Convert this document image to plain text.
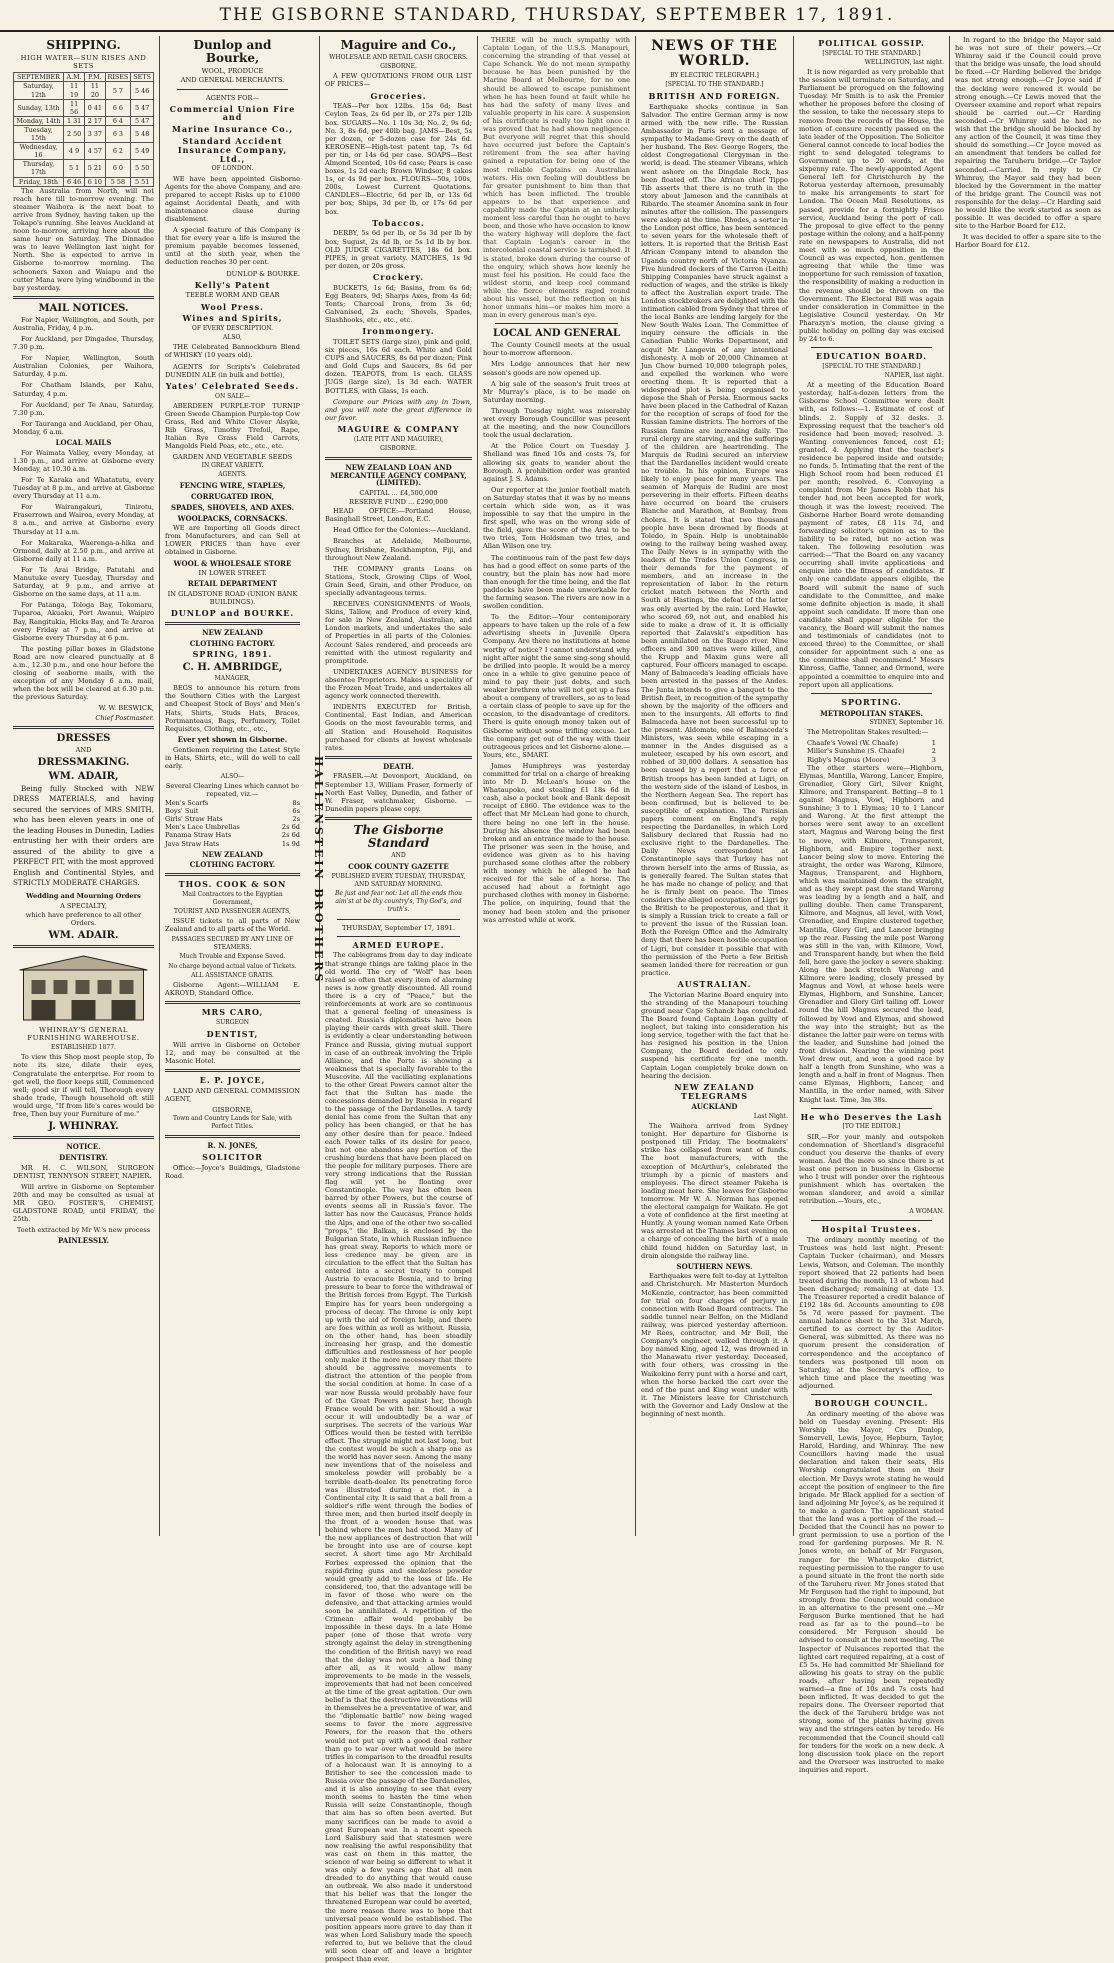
THE GISBORNE STANDARD, THURSDAY, SEPTEMBER 17, 1891.
SHIPPING.
HIGH WATER—SUN RISES AND SETS
SEPTEMBER	A.M.	P.M.	RISES	SETS
Saturday, 12th	11 19	11 20	5 7	5 46
Sunday, 13th	11 56	0 41	6 6	5 47
Monday, 14th	1 31	2 17	6 4	5 47
Tuesday, 15th	2 50	3 37	6 3	5 48
Wednesday, 16	4 9	4 57	6 2	5 49
Thursday, 17th	5 1	5 21	6 0	5 50
Friday, 18th	6 46	6 10	5 58	5 51

The Australia from North, will not reach here till to-morrow evening. The steamer Waihora is the next boat to arrive from Sydney, having taken up the Tokapo's running. She leaves Auckland at noon to-morrow, arriving here about the same hour on Saturday. The Dinnadee was to leave Wellington last night for North. She is expected to arrive in Gisborne to-morrow morning. The schooners Saxon and Waiapu and the cutter Mana were lying windbound in the bay yesterday.

MAIL NOTICES.

For Napier, Wellington, and South, per Australia, Friday, 4 p.m.

For Auckland, per Dingadee, Thursday, 7.30 p.m.

For Napier, Wellington, South Australian Colonies, per Waihora, Saturday, 4 p.m.

For Chatham Islands, per Kahu, Saturday, 4 p.m.

For Auckland, per Te Anau, Saturday, 7.30 p.m.

For Tauranga and Auckland, per Ohau, Monday, 6 a.m.

LOCAL MAILS

For Waimata Valley, every Monday, at 1.30 p.m., and arrive at Gisborne every Monday, at 10.30 a.m.

For Te Karaka and Whatatutu, every Tuesday at 8 p.m., and arrive at Gisborne every Thursday at 11 a.m.

For Wairangakuri, Tinirotu, Fraserrown and Wairoa, every Monday, at 8 a.m., and arrive at Gisborne every Thursday at 11 a.m.

For Makaraka, Waerenga-a-hika and Ormond, daily at 2.50 p.m., and arrive at Gisborne daily at 11 a.m.

For Te Arai Bridge, Patutahi and Manutuke every Tuesday, Thursday and Saturday, at 9 p.m., and arrive at Gisborne on the same days, at 11 a.m.

For Patanga, Tologa Bay, Tokomaru, Tuparoa, Akuaku, Port Awanui, Waipiro Bay, Rangitukia, Hicks Bay, and Te Araroa every Friday at 7 p.m., and arrive at Gisborne every Thursday at 6 p.m.

The posting pillar boxes in Gladstone Road are now cleared punctually at 8 a.m., 12.30 p.m., and one hour before the closing of seaborne mails, with the exception of any Monday 6 a.m. mail, when the box will be cleared at 6.30 p.m. the previous Saturday.

W. W. BESWICK,
Chief Postmaster.
DRESSES
AND
DRESSMAKING.
WM. ADAIR,

Being fully Stocked with NEW DRESS MATERIALS, and having secured the services of MRS SMITH, who has been eleven years in one of the leading Houses in Dunedin, Ladies entrusting her with their orders are assured of the ability to give a PERFECT FIT, with the most approved English and Continental Styles, and STRICTLY MODERATE CHARGES.

Wedding and Mourning Orders
A SPECIALTY,
which have preference to all other Orders.
WM. ADAIR.
WHINRAY'S GENERAL FURNISHING WAREHOUSE.
ESTABLISHED 1877.

To view this Shop most people stop, To note its size, dilate their eyes, Congratulate the enterprise. For room to get well, the floor keeps still, Commenced well; good sir if will tell, Thorough every shade trade, Though household oft still would urge, "If from life's cares would be free, Then buy your Furniture of me."

J. WHINRAY.
NOTICE.
DENTISTRY.

MR H. C. WILSON, SURGEON DENTIST, TENNYSON STREET, NAPIER.

Will arrive in Gisborne on September 20th and may be consulted as usual at MR GEO. FOSTER'S, CHEMIST, GLADSTONE ROAD, until FRIDAY, the 25th.

Teeth extracted by Mr W.'s new process
PAINLESSLY.
Dunlop and Bourke,
WOOL, PRODUCE
AND GENERAL MERCHANTS.
AGENTS FOR—
Commercial Union Fire and
Marine Insurance Co.,
Standard Accident Insurance Company, Ltd.,
OF LONDON.

WE have been appointed Gisborne Agents for the above Company, and are prepared to accept Risks up to £1000 against Accidental Death, and with maintenance clause during disablement.

A special feature of this Company is that for every year a life is insured the premium payable becomes lessened, until at the sixth year, when the deduction reaches 30 per cent.

DUNLOP & BOURKE.
Kelly's Patent
TEEBLE WORM AND GEAR
Wool Press.
Wines and Spirits,
OF EVERY DESCRIPTION.
ALSO,

THE Celebrated Bannockburn Blend of WHISKY (10 years old).

AGENTS for Scripts's Celebrated DUNEDIN ALE (in bulk and bottle),

Yates' Celebrated Seeds.
ON SALE—

ABERDEEN PURPLE-TOP TURNIP Green Swede Champion Purple-top Cow Grass, Red and White Clover Alsyke, Rib Grass, Timothy Trefoil, Rape, Italian Rye Grass Field Carrots, Mangolds Field Peas, etc., etc., etc.

GARDEN AND VEGETABLE SEEDS
IN GREAT VARIETY.
AGENTS.
FENCING WIRE, STAPLES,
CORRUGATED IRON,
SPADES, SHOVELS, AND AXES.
WOOLPACKS, CORNSACKS.

WE are Importing all Goods direct from Manufacturers, and can Sell at LOWER PRICES than have ever obtained in Gisborne.

WOOL & WHOLESALE STORE
IN LOWER STREET.
RETAIL DEPARTMENT
IN GLADSTONE ROAD (UNION BANK BUILDINGS).
DUNLOP and BOURKE.
NEW ZEALAND
CLOTHING FACTORY.
SPRING, 1891.
C. H. AMBRIDGE,
MANAGER,

BEGS to announce his return from the Southern Cities with the Largest and Cheapest Stock of Boys' and Men's Hats, Shirts, Studs Hats, Braces, Portmanteaus, Bags, Perfumery, Toilet Requisites, Clothing, etc., etc.,

Ever yet shown in Gisborne.

Gentlemen requiring the Latest Style in Hats, Shirts, etc., will do well to call early.

ALSO—
Several Clearing Lines which cannot be repeated, viz.—
Men's Scarfs	8s
Boys' Suit	6s
Girls' Straw Hats	2s
Men's Lace Umbrellas	2s 6d
Panama Straw Hats	2s 6d
Java Straw Hats	1s 9d
NEW ZEALAND
CLOTHING FACTORY.
THOS. COOK & SON
Mail Contractors to the Egyptian Government,
TOURIST AND PASSENGER AGENTS,

ISSUE tickets to all parts of New Zealand and to all parts of the World.

PASSAGES SECURED BY ANY LINE OF STEAMERS.
Much Trouble and Expense Saved.
No charge beyond actual value of Tickets.
ALL ASSISTANCE GRATIS.

Gisborne Agent:—WILLIAM E. AKROYD, Standard Office.

MRS CARO,
SURGEON
DENTIST,

Will arrive in Gisborne on October 12, and may be consulted at the Masonic Hotel.

E. P. JOYCE,

LAND AND GENERAL COMMISSION AGENT,

GISBORNE,
Town and Country Lands for Sale, with Perfect Titles.
R. N. JONES,
SOLICITOR

Office:—Joyce's Buildings, Gladstone Road.

HALLENSTEIN BROTHERS
Maguire and Co.,
WHOLESALE AND RETAIL CASH GROCERS.
GISBORNE.

A FEW QUOTATIONS FROM OUR LIST OF PRICES—

Groceries.

TEAS—Per box 12lbs. 15s 6d; Best Ceylon Teas, 2s 6d per lb, or 27s per 12lb box. SUGARS—No. 1 10s 3d; No. 2, 9s 6d; No. 3, 8s 6d, per 40lb bag. JAMS—Best, 5s per dozen, or 5-dozen case for 24s 6d. KEROSENE—High-test patent tap, 7s 6d per tin, or 14s 6d per case. SOAPS—Best Almond Scented, 10s 6d case; Pears is case boxes, 1s 2d each; Brown Windsor, 8 cakes 1s, or 4s 9d per box. FLOURS—50s, 100s, 200s, Lowest Current Quotations. CANDLES—Electric, 6d per lb, or 13s 6d per box; Ships, 3d per lb, or 17s 6d per box.

Tobaccos.

DERBY, 5s 6d per lb, or 5s 3d per lb by box; Sugust, 2s 4d lb, or 5s 1d lb by box. OLD JUDGE CIGARETTES, 18s 6d box. PIPES, in great variety. MATCHES, 1s 9d per dozen, or 20s gross.

Crockery.

BUCKETS, 1s 6d; Basins, from 6s 6d; Egg Beaters, 9d; Sharps Axes, from 4s 6d; Tents; Charcoal Irons, from 3s 6d; Galvanised, 2s each; Shovels, Spades, Slashhooks, etc., etc., etc.

Ironmongery.

TOILET SETS (large size), pink and gold, six pieces, 16s 6d each. White and Gold CUPS and SAUCERS, 8s 6d per dozen; Pink and Gold Cups and Saucers, 8s 6d per dozen. TEAPOTS, from 1s each. GLASS JUGS (large size), 1s 3d each. WATER BOTTLES, with Glass, 1s each.

Compare our Prices with any in Town, and you will note the great difference in our favor.

MAGUIRE & COMPANY
(LATE PITT AND MAGUIRE),
GISBORNE.
NEW ZEALAND LOAN AND MERCANTILE AGENCY COMPANY, (LIMITED).
CAPITAL ... £4,500,000
RESERVE FUND ... £290,000

HEAD OFFICE:—Portland House, Basinghall Street, London, E.C.

Head Office for the Colonies:—Auckland.

Branches at Adelaide, Melbourne, Sydney, Brisbane, Rockhampton, Fiji, and throughout New Zealand.

THE COMPANY grants Loans on Stations, Stock, Growing Clips of Wool, Grain Seed, Grain, and other Produce, on specially advantageous terms.

RECEIVES CONSIGNMENTS of Wools, Skins, Tallow, and Produce of every kind, for sale in New Zealand, Australian, and London markets, and undertakes the sale of Properties in all parts of the Colonies. Account Sales rendered, and proceeds are remitted with the utmost regularity and promptitude.

UNDERTAKES AGENCY BUSINESS for absentee Proprietors. Makes a speciality of the Frozen Meat Trade, and undertakes all agency work connected therewith.

INDENTS EXECUTED for British, Continental, East Indian, and American Goods on the most favourable terms, and all Station and Household Requisites purchased for clients at lowest wholesale rates.

DEATH.

FRASER.—At Devonport, Auckland, on September 13, William Fraser, formerly of North East Valley, Dunedin, and father of W. Fraser, watchmaker, Gisborne. — Dunedin papers please copy.

The Gisborne Standard
AND
COOK COUNTY GAZETTE
PUBLISHED EVERY TUESDAY, THURSDAY, AND SATURDAY MORNING.
Be just and fear not: Let all the ends thou aim'st at be thy country's, Thy God's, and truth's.
THURSDAY, September 17, 1891.
ARMED EUROPE.

The cablegrams from day to day indicate that strange things are taking place in the old world. The cry of "Wolf" has been raised so often that every item of alarming news is now greatly discounted. All round there is a cry of "Peace," but the reinforcements at work are so continuous that a general feeling of uneasiness is created. Russia's diplomatists have been playing their cards with great skill. There is evidently a clear understanding between France and Russia, giving mutual support in case of an outbreak involving the Triple Alliance, and the Porte is showing a weakness that is specially favorable to the Muscovite. All the vacillating explanations to the other Great Powers cannot alter the fact that the Sultan has made the concessions demanded by Russia in regard to the passage of the Dardanelles. A tardy denial has come from the Sultan that any policy has been changed, or that he has any other desire than for peace. Indeed each Power talks of its desire for peace, but not one abandons any portion of the crushing burdens that have been placed on the people for military purposes. There are very strong indications that the Russian flag will yet be floating over Constantinople. The way has often been barred by other Powers, but the course of events seems all in Russia's favor. The latter has now the Caucasus, France holds the Alps, and one of the other two so-called "props," the Balkan, is enclosed by the Bulgarian State, in which Russian influence has great sway. Reports to which more or less credence may be given are in circulation to the effect that the Sultan has entered into a secret treaty to compel Austria to evacuate Bosnia, and to bring pressure to bear to force the withdrawal of the British forces from Egypt. The Turkish Empire has for years been undergoing a process of decay. The throne is only kept up with the aid of foreign help, and there are foes within as well as without. Russia, on the other hand, has been steadily increasing her grasp, and the domestic difficulties and restlessness of her people only make it the more necessary that there should be aggressive movements to distract the attention of the people from the social condition at home. In case of a war now Russia would probably have four of the Great Powers against her, though France would be with her. Should a war occur it will undoubtedly be a war of surprises. The secrets of the various War Offices would then be tested with terrible effect. The struggle might not last long, but the contest would be such a sharp one as the world has never seen. Among the many new inventions that of the noiseless and smokeless powder will probably be a terrible death-dealer. Its penetrating force was illustrated during a riot in a Continental city. It is said that a ball from a soldier's rifle went through the bodies of three men, and then buried itself deeply in the front of a wooden house that was behind where the men had stood. Many of the new appliances of destruction that will be brought into use are of course kept secret. A short time ago Mr Archibald Forbes expressed the opinion that the rapid-firing guns and smokeless powder would greatly add to the loss of life. He considered, too, that the advantage will be in favor of those who were on the defensive, and that attacking armies would soon be annihilated. A repetition of the Crimean affair would probably be impossible in these days. In a late Home paper (one of those that wrote very strongly against the delay in strengthening the condition of the British navy) we read that the delay was not such a bad thing after all, as it would allow many improvements to be made in the vessels, improvements that had not been conceived at the time of the great agitation. Our own belief is that the destructive inventions will in themselves be a preventative of war, and the "diplomatic battle" now being waged seems to favor the more aggressive Powers, for the reason that the others would not put up with a good deal rather than go to war over what would be mere trifles in comparison to the dreadful results of a holocaust war. It is annoying to a Britisher to see the concession made to Russia over the passage of the Dardanelles, and it is also annoying to see that every month seems to hasten the time when Russia will seize Constantinople, though that aim has so often been averted. But many sacrifices can be made to avoid a great European war. In a recent speech Lord Salisbury said that statesmen were now realising the awful responsibility that was cast on them in this matter, the science of war being so different to what it was only a few years ago that all men dreaded to do anything that would cause an outbreak. We also made it understood that his belief was that the longer the threatened European war could be averted, the more reason there was to hope that universal peace would be established. The position appears more grave to day than it was when Lord Salisbury made the speech referred to, but we believe that the cloud will soon clear off and leave a brighter prospect than ever.

THERE will be much sympathy with Captain Logan, of the U.S.S. Manapouri, concerning the stranding of that vessel at Cape Schanck. We do not mean sympathy because he has been punished by the Marine Board at Melbourne, for no one should be allowed to escape punishment when he has been found at fault while he has had the safety of many lives and valuable property in his care. A suspension of his certificate is really too light once it was proved that he had shown negligence. But everyone will regret that this should have occurred just before the Captain's retirement from the sea after having gained a reputation for being one of the most reliable Captains on Australian waters. His own feeling will doubtless be far greater punishment to him than that which has been inflicted. The trouble appears to be that experience and capability made the Captain at an unlucky moment less careful than he ought to have been, and those who have occasion to know the watery highway will deplore the fact that Captain Logan's career in the intercolonial coastal service is tarnished. It is stated, broke down during the course of the enquiry, which shows how keenly he must feel his position. He could face the wildest storm, and keep cool command while the fierce elements raged round about his vessel, but the reflection on his honor unmans him—or makes him more a man in every generous man's eye.

LOCAL AND GENERAL

The County Council meets at the usual hour to-morrow afternoon.

Mrs Lodge announces that her new season's goods are now opened up.

A big sale of the season's fruit trees at Mr Murray's place, is to be made on Saturday morning.

Through Tuesday night was miserably wet every Borough Councillor was present at the meeting, and the new Councillors took the usual declaration.

At the Police Court on Tuesday J. Shelland was fined 10s and costs 7s, for allowing six goats to wander about the Borough. A prohibition order was granted against J. S. Adams.

Our reporter at the junior football match on Saturday states that it was by no means certain which side won, as it was impossible to say that the umpire in the first spell, who was on the wrong side of the field, gave the score of the Arai to be two tries, Tom Holdsman two tries, and Allan Wilson one try.

The continuous rain of the past few days has had a good effect on some parts of the country, but the plain has now had more than enough for the time being, and the flat paddocks have been made unworkable for the farming season. The rivers are now in a swollen condition.

To the Editor:—Your contemporary appears to have taken up the role of a few advertising sheets in Juvenile Opera Company. Are there no institutions at home worthy of notice? I cannot understand why night after night the same sing-song should be drilled into people. It would be a mercy once in a while to give genuine peace of mind to pay their just debts, and such weaker brethren who will not get up a fuss about a company of travellers, so as to lead a certain class of people to save up for the occasion, to the disadvantage of creditors. There is quite enough money taken out of Gisborne without some trifling excuse. Let the company get out of the way with their outrageous prices and let Gisborne alone.—Yours, etc., SMART.

James Humphreys was yesterday committed for trial on a charge of breaking into Mr D. McLean's house on the Whataupoko, and stealing £1 18s 6d in cash, also a pocket book and Bank deposit receipt of £860. The evidence was to the effect that Mr McLean had gone to church, there being no one left in the house. During his absence the window had been broken and an entrance made to the house. The prisoner was seen in the house, and evidence was given as to his having purchased some clothes after the robbery with money which he alleged he had received for the sale of a horse. The accused had about a fortnight ago purchased clothes with money in Gisborne. The police, on inquiring, found that the money had been stolen and the prisoner was arrested while at work.

NEWS OF THE WORLD.
BY ELECTRIC TELEGRAPH.]
[SPECIAL TO THE STANDARD.]
BRITISH AND FOREIGN.

Earthquake shocks continue in San Salvador. The entire German army is now armed with the new rifle. The Russian Ambassador in Paris sent a message of sympathy to Madame Grevy on the death of her husband. The Rev. George Rogers, the oldest Congregational Clergyman in the world, is dead. The steamer Vibrans, which went ashore on the Dingdale Rock, has been floated off. The African chief Tippo Tib asserts that there is no truth in the story about Jameson and the cannibals at Ribardo. The steamer Anomina sank in four minutes after the collision. The passengers were asleep at the time. Rhodes, a sorter in the London post office, has been sentenced to seven years for the wholesale theft of letters. It is reported that the British East African Company intend to abandon the Uganda country north of Victoria Nyanza. Five hundred dockers of the Carron (Leith) Shipping Companies have struck against a reduction of wages, and the strike is likely to affect the Australian export trade. The London stockbrokers are delighted with the intimation cabled from Sydney that three of the local Banks are lending largely for the New South Wales Loan. The Committee of inquiry censure the officials in the Canadian Public Works Department, and acquit Mr. Langevin of any intentional dishonesty. A mob of 20,000 Chinamen at Jun Chow burned 10,000 telegraph poles, and expelled the workmen who were erecting them. It is reported that a widespread plot is being organised to depose the Shah of Persia. Enormous sacks have been placed in the Cathedral of Kazan for the reception of scraps of food for the Russian famine districts. The horrors of the Russian famine are increasing daily. The rural clergy are starving, and the sufferings of the children are heartrending. The Marquis de Rudini secured an interview that the Dardanelles incident would create no trouble. In his opinion, Europe was likely to enjoy peace for many years. The seamen of Marquis de Rudini are most persevering in their efforts. Fifteen deaths have occurred on board the cruisers Blanche and Marathon, at Bombay, from cholera. It is stated that two thousand people have been drowned by floods at Toledo, in Spain. Help is unobtainable owing to the railway being washed away. The Daily News is in sympathy with the leaders of the Trades Union Congress, in their demands for the payment of members, and an increase in the representation of labor. In the return cricket match between the North and South at Hastings, the defeat of the latter was only averted by the rain. Lord Hawke, who scored 69, not out, and enabled his side to make a draw of it. It is officially reported that Zalavski's expedition has been annihilated on the Ruago river. Nine officers and 300 natives were killed, and the Krupp and Maxim guns were all captured. Four officers managed to escape. Many of Balmaceda's leading officials have been arrested in the passes of the Andes. The Junta intends to give a banquet to the British fleet, in recognition of the sympathy shown by the majority of the officers and men to the insurgents. All efforts to find Balmaceda have not been successful up to the present. Aldomate, one of Balmaceda's Ministers, was seen while escaping in a manner in the Andes disguised as a muleteer, escaped by his own escort, and robbed of 30,000 dollars. A sensation has been caused by a report that a force of British troops has been landed at Ligri, on the western side of the island of Lesbos, in the Northern Aegean Sea. The report has been confirmed, but is believed to be susceptible of explanation. The Parisian papers comment on England's reply respecting the Dardanelles, in which Lord Salisbury declared that Russia had no exclusive right to the Dardanelles. The Daily News correspondent at Constantinople says that Turkey has not thrown herself into the arms of Russia, as is generally feared. The Sultan states that he has made no change of policy, and that he is firmly bent on peace. The Times considers the alleged occupation of Ligri by the British to be preposterous, and that it is simply a Russian trick to create a fall or to prevent the issue of the Russian loan. Both the Foreign Office and the Admiralty deny that there has been hostile occupation of Ligri, but consider it possible that with the permission of the Porte a few British seamen landed there for recreation or gun practice.

AUSTRALIAN.

The Victorian Marine Board enquiry into the stranding of the Manapouri touching ground near Cape Schanck has concluded. The Board found Captain Logan guilty of neglect, but taking into consideration his long service, together with the fact that he has resigned his position in the Union Company, the Board decided to only suspend his certificate for one month. Captain Logan completely broke down on hearing the decision.

NEW ZEALAND TELEGRAMS
AUCKLAND
Last Night.

The Waihora arrived from Sydney tonight. Her departure for Gisborne is postponed till Friday. The bootmakers' strike has collapsed from want of funds. The boot manufacturers, with the exception of McArthur's, celebrated the triumph by a picnic of masters and employees. The direct steamer Pakeha is loading meat here. She leaves for Gisborne tomorrow. Mr W. A. Norman has opened the electoral campaign for Waikato. He got a vote of confidence at the first meeting at Huntly. A young woman named Kate Orben was arrested at the Thames last evening on a charge of concealing the birth of a male child found hidden on Saturday last, in drain alongside the railway line.

SOUTHERN NEWS.

Earthquakes were felt to-day at Lyttelton and Christchurch. Mr Masterton Murdoch McKenzie, contractor, has been committed for trial on four charges of perjury in connection with Road Board contracts. The saddle tunnel near Belfon, on the Midland railway, was pierced yesterday afternoon. Mr Rees, contractor, and Mr Bell, the Company's engineer, walked through it. A boy named King, aged 12, was drowned in the Manawatu river yesterday. Deceased, with four others, was crossing in the Waikokino ferry punt with a horse and cart, when the horse backed the cart over the end of the punt and King went under with it. The Ministers leave for Christchurch with the Governor and Lady Onslow at the beginning of next month.

POLITICAL GOSSIP.
[SPECIAL TO THE STANDARD.]
WELLINGTON, last night.

It is now regarded as very probable that the session will terminate on Saturday, and Parliament be prorogued on the following Tuesday. Mr Smith is to ask the Premier whether he proposes before the closing of the session, to take the necessary steps to remove from the records of the House, the motion of censure recently passed on the late leader of the Opposition. The Solicitor General cannot concede to local bodies the right to send delegated telegrams to Government up to 20 words, at the sixpenny rate. The newly-appointed Agent General left for Christchurch by the Rotorua yesterday afternoon, presumably to make his arrangements to start for London. The Ocean Mail Resolutions, as passed, provide for a fortnightly Frisco service, Auckland being the port of call. The proposal to give effect to the penny postage within the colony, and a half-penny rate on newspapers to Australia, did not meet with so much opposition in the Council as was expected, hon. gentlemen agreeing that while the time was inopportune for such remission of taxation, the responsibility of making a reduction in the revenue should be thrown on the Government. The Electoral Bill was again under consideration in Committee in the Legislative Council yesterday. On Mr Pharazyn's motion, the clause giving a public holiday on polling day was excised by 24 to 6.

EDUCATION BOARD.
[SPECIAL TO THE STANDARD.]
NAPIER, last night.

At a meeting of the Education Board yesterday, half-a-dozen letters from the Gisborne School Committee were dealt with, as follows:—1. Estimate of cost of blinds. 2. Supply of 32 desks. 3. Expressing request that the teacher's old residence had been moved; resolved. 3. Wanting conveniences fenced, cost £1; granted. 4. Applying that the teacher's residence be papered inside and outside; no funds. 5. Intimating that the rent of the High School room had been reduced £1 per month; resolved. 6. Conveying a complaint from Mr James Robb that his tender had not been accepted for work, though it was the lowest; received. The Gisborne Harbor Board wrote demanding payment of rates, £8 11s 7d, and forwarding solicitor's opinion as to the liability to be rated, but no action was taken. The following resolution was carried:—"That the Board on any vacancy occurring shall invite applications and enquire into the fitness of candidates. If only one candidate appears eligible, the Board will submit the name of such candidate to the Committee, and make some definite objection is made, it shall appoint such candidate. If more than one candidate shall appear eligible for the vacancy, the Board will submit the names and testimonials of candidates (not to exceed three) to the Committee, or shall consider for appointment such a one as the committee shall recommend." Messrs Kinross, Gaffie, Tanner, and Ormond, were appointed a committee to enquire into and report upon all applications.

SPORTING.
METROPOLITAN STAKES.
SYDNEY, September 16.

The Metropolitan Stakes resulted:—

Chaafe's Vowel (W. Chaafe)	1
Miller's Sunshine (S. Chaafe)	2
Rigby's Magnus (Moore)	3

The other starters were—Highborn, Elymas, Mantilla, Warong, Lancer, Empire, Grenadier, Glory Girl, Silver Knight, Kilmore, and Transparent. Betting—8 to 1 against Magnus, Vowl, Highborn and Sunshine; 3 to 1 Elymas; 10 to 1 Lancer and Warong. At the first attempt the horses were sent away to an excellent start, Magnus and Warong being the first to move, with Kilmore, Transparent, Highborn, and Empire together next. Lancer being slow to move. Entering the straight, the order was Warong, Kilmore, Magnus, Transparent, and Highborn, which was maintained down the straight, and as they swept past the stand Warong was leading by a length and a half, and pulling double. Then came Transparent, Kilmore, and Magnus, all level, with Vowl, Grenadier, and Empire clustered together, Mantilla, Glory Girl, and Lancer bringing up the rear. Passing the mile post Warong was still in the van, with Kilmore, Vowl, and Transparent handy, but when the field fell, here gave the jockey a severe shaking. Along the back stretch Warong and Kilmore were leading, closely pressed by Magnus and Vowl, at whose heels were Elymas, Highborn, and Sunshine. Lancer, Grenadier and Glory Girl tailing off. Lower round the hill Magnus secured the lead, followed by Vowl and Elymas, and showed the way into the straight; but as the distance the latter pair were on terms with the leader, and Sunshine had joined the front division. Nearing the winning post Vowl drew out, and won a good race by half a length from Sunshine, who was a length and a half in front of Magnus. Then came Elymas, Highborn, Lancer, and Mantilla, in the order named, with Silver Knight last. Time, 3m 38s.

He who Deserves the Lash
[TO THE EDITOR.]

SIR,—For your manly and outspoken condemnation of Shortland's disgraceful conduct you deserve the thanks of every woman. And the more so since there is at least one person in business in Gisborne who I trust will ponder over the righteous punishment which has overtaken the woman slanderer, and avoid a similar retribution.—Yours, etc.,

A WOMAN.
Hospital Trustees.

The ordinary monthly meeting of the Trustees was held last night. Present: Captain Tucker (chairman), and Messrs Lewis, Watson, and Coleman. The monthly report showed that 22 patients had been treated during the month, 13 of whom had been discharged; remaining at date 13. The Treasurer reported a credit balance of £192 18s 6d. Accounts amounting to £98 5s 7d were passed for payment. The annual balance sheet to the 31st March, certified to as correct by the Auditor-General, was submitted. As there was no quorum present the consideration of correspondence and the acceptance of tenders was postponed till noon on Saturday, at the Secretary's office, to which time and place the meeting was adjourned.

BOROUGH COUNCIL.

An ordinary meeting of the above was held on Tuesday evening. Present: His Worship the Mayor, Crs Dunlop, Somervell, Lewis, Joyce, Hepburn, Taylor, Harold, Harding, and Whinray. The new Councillors having made the usual declaration and taken their seats, His Worship congratulated them on their election. Mr Davys wrote stating he would accept the position of engineer to the fire brigade. Mr Black applied for a section of land adjoining Mr Joyce's, as he required it to make a garden. The applicant stated that the land was a portion of the road.—Decided that the Council has no power to grant permission to use a portion of the road for gardening purposes. Mr R. N. Jones wrote, on behalf of Mr Ferguson, ranger for the Whataupoko district, requesting permission to the ranger to use a pound situate in the front the north side of the Taruheru river. Mr Jones stated that Mr Ferguson had the right to impound, but strongly from the Council would conduce in an alternative to the present one.—Mr Ferguson Burke mentioned that he had read as far as to the pound—to be considered. Mr Ferguson should be advised to consult at the next meeting. The Inspector of Nuisances reported that the lighted cart required repairing, at a cost of £5 5s. He had committed Mr Shielland for allowing his goats to stray on the public roads, after having been repeatedly warned—a fine of 10s and 7s costs had been inflicted. It was decided to get the repairs done. The Overseer reported that the deck of the Taruheru bridge was not strong, some of the planks having given way and the stringers eaten by teredo. He recommended that the Council should call for tenders for the work on a new deck. A long discussion took place on the report and the Overseer was instructed to make inquiries and report.

In regard to the bridge the Mayor said he was not sure of their powers.—Cr Whinray said if the Council could prove that the bridge was unsafe, the load should be fixed.—Cr Harding believed the bridge was not strong enough.—Cr Joyce said if the decking were renewed it would be strong enough.—Cr Lewis moved that the Overseer examine and report what repairs should be carried out.—Cr Harding seconded.—Cr Whinray said he had no wish that the bridge should be blocked by any action of the Council, it was time they should do something.—Cr Joyce moved as an amendment that tenders be called for repairing the Taruheru bridge.—Cr Taylor seconded.—Carried. In reply to Cr Whinray, the Mayor said they had been blocked by the Government in the matter of the bridge grant. The Council was not responsible for the delay.—Cr Harding said he would like the work started as soon as possible. It was decided to offer a spare site to the Harbor Board for £12.

It was decided to offer a spare site to the Harbor Board for £12.
